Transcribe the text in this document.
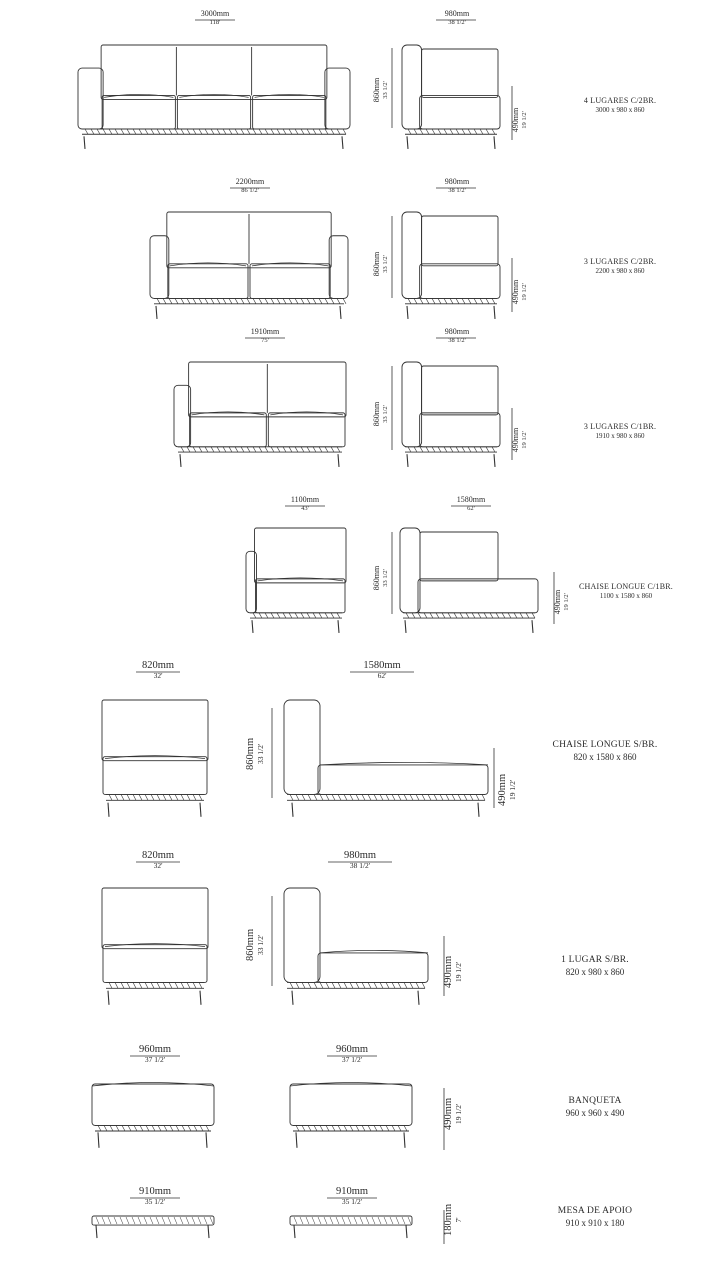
3000mm
118'
980mm
38 1/2'
860mm 33 1/2'
490mm 19 1/2'
4 LUGARES C/2BR.
3000 x 980 x 860
2200mm
86 1/2'
980mm
38 1/2'
860mm 33 1/2'
490mm 19 1/2'
3 LUGARES C/2BR.
2200 x 980 x 860
1910mm
75'
980mm
38 1/2'
860mm 33 1/2'
490mm 19 1/2'
3 LUGARES C/1BR.
1910 x 980 x 860
1100mm
43'
1580mm
62'
860mm 33 1/2'
490mm 19 1/2'
CHAISE LONGUE C/1BR.
1100 x 1580 x 860
820mm
32'
1580mm
62'
860mm 33 1/2'
490mm 19 1/2'
CHAISE LONGUE S/BR.
820 x 1580 x 860
820mm
32'
980mm
38 1/2'
860mm 33 1/2'
490mm 19 1/2'
1 LUGAR S/BR.
820 x 980 x 860
960mm
37 1/2'
960mm
37 1/2'
490mm 19 1/2'
BANQUETA
960 x 960 x 490
910mm
35 1/2'
910mm
35 1/2'
180mm 7'
MESA DE APOIO
910 x 910 x 180
